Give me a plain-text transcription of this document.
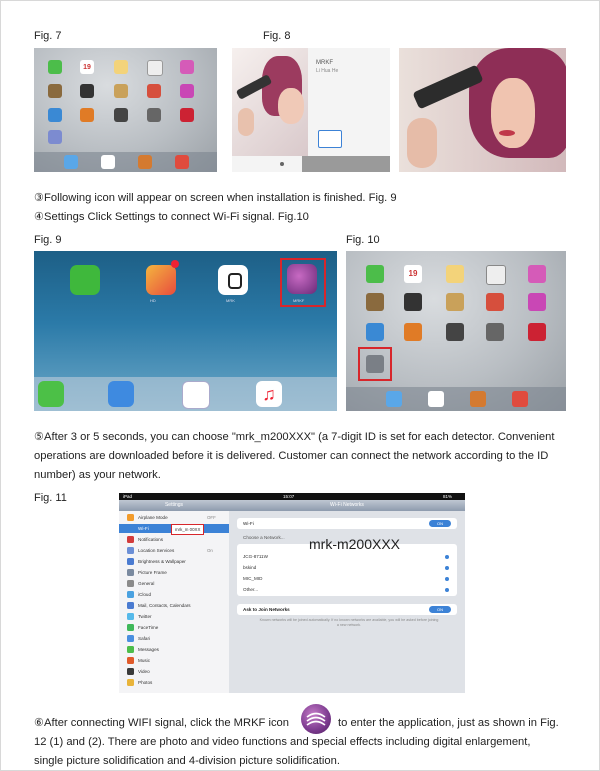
Fig. 7	Fig. 8
19
MRKF
Li Hua He
③Following icon will appear on screen when installation is finished. Fig. 9
④Settings Click Settings to connect Wi-Fi signal. Fig.10
Fig. 9	Fig. 10
HD	MRK	MRKF
♫
19
⑤After 3 or 5 seconds, you can choose "mrk_m200XXX" (a 7-digit ID is set for each detector. Convenient
operations are downloaded before it is delivered. Customer can connect the network according to the ID
number) as your network.
Fig. 11	iPad	15:07	81%
Settings
Airplane Mode
Wi-Fi
Notifications
Location Services
Brightness & Wallpaper
Picture Frame
General
iCloud
Mail, Contacts, Calendars
Twitter
FaceTime
Safari
Messages
Music
Video
Photos
OFF
mrk_m 00XX
On
Wi-Fi Networks
Wi-Fi	ON
Choose a Network... mrk-m200XXX
JCG-8711W
bskind
MIC_MID
Other...
Ask to Join Networks	ON
Known networks will be joined automatically. If no known networks are available, you will be asked before joining a new network.
⑥After connecting WIFI signal, click the MRKF icon	to enter the application, just as shown in Fig.
12 (1) and (2). There are photo and video functions and special effects including digital enlargement,
single picture solidification and 4-division picture solidification.
